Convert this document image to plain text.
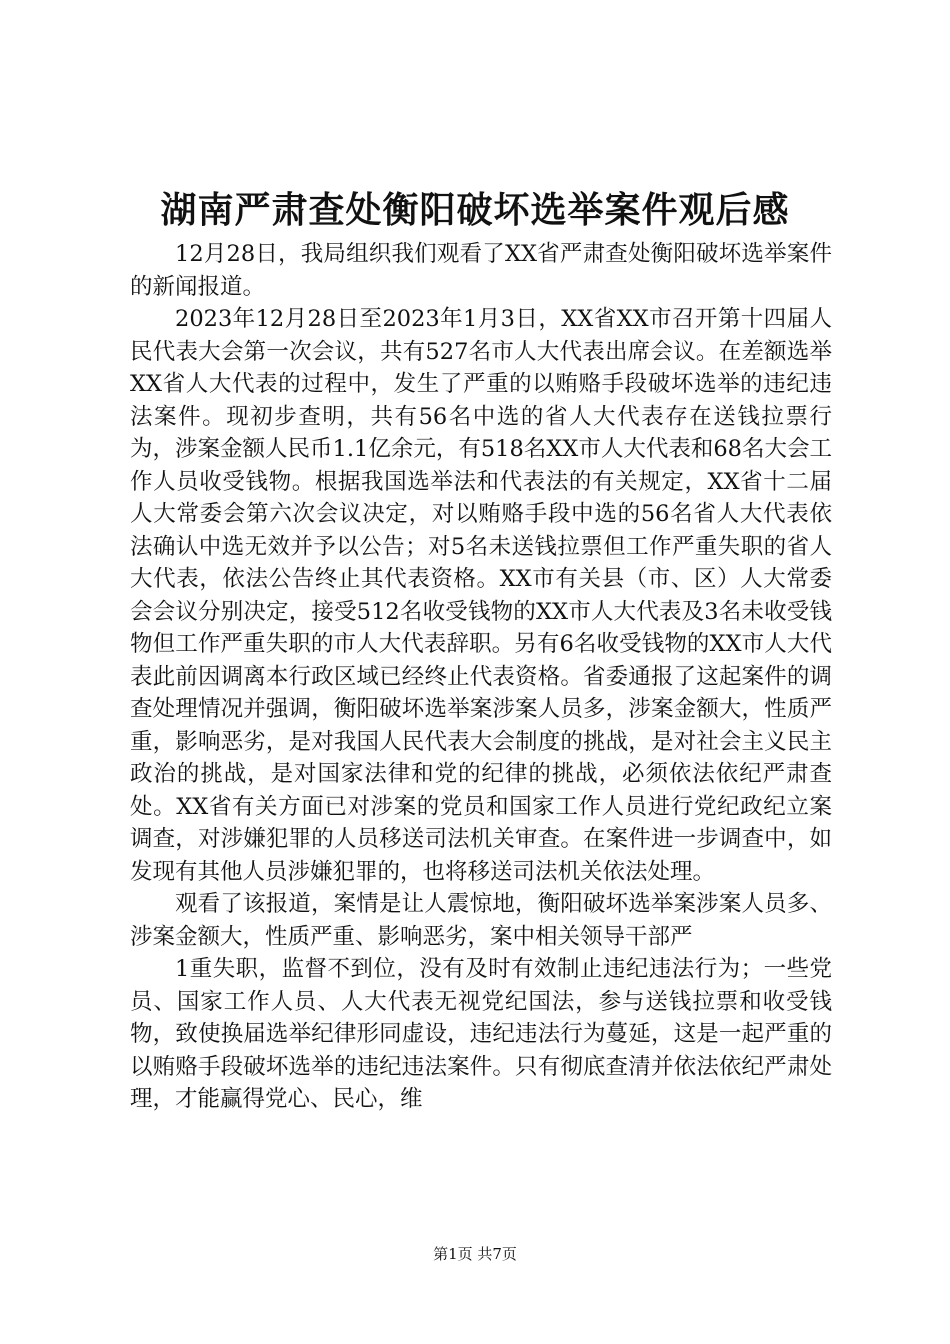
湖南严肃查处衡阳破坏选举案件观后感

12月28日，我局组织我们观看了XX省严肃查处衡阳破坏选举案件的新闻报道。

2023年12月28日至2023年1月3日，XX省XX市召开第十四届人民代表大会第一次会议，共有527名市人大代表出席会议。在差额选举XX省人大代表的过程中，发生了严重的以贿赂手段破坏选举的违纪违法案件。现初步查明，共有56名中选的省人大代表存在送钱拉票行为，涉案金额人民币1.1亿余元，有518名XX市人大代表和68名大会工作人员收受钱物。根据我国选举法和代表法的有关规定，XX省十二届人大常委会第六次会议决定，对以贿赂手段中选的56名省人大代表依法确认中选无效并予以公告；对5名未送钱拉票但工作严重失职的省人大代表，依法公告终止其代表资格。XX市有关县（市、区）人大常委会会议分别决定，接受512名收受钱物的XX市人大代表及3名未收受钱物但工作严重失职的市人大代表辞职。另有6名收受钱物的XX市人大代表此前因调离本行政区域已经终止代表资格。省委通报了这起案件的调查处理情况并强调，衡阳破坏选举案涉案人员多，涉案金额大，性质严重，影响恶劣，是对我国人民代表大会制度的挑战，是对社会主义民主政治的挑战，是对国家法律和党的纪律的挑战，必须依法依纪严肃查处。XX省有关方面已对涉案的党员和国家工作人员进行党纪政纪立案调查，对涉嫌犯罪的人员移送司法机关审查。在案件进一步调查中，如发现有其他人员涉嫌犯罪的，也将移送司法机关依法处理。

观看了该报道，案情是让人震惊地，衡阳破坏选举案涉案人员多、涉案金额大，性质严重、影响恶劣，案中相关领导干部严

1重失职，监督不到位，没有及时有效制止违纪违法行为；一些党员、国家工作人员、人大代表无视党纪国法，参与送钱拉票和收受钱物，致使换届选举纪律形同虚设，违纪违法行为蔓延，这是一起严重的以贿赂手段破坏选举的违纪违法案件。只有彻底查清并依法依纪严肃处理，才能赢得党心、民心，维

第1页 共7页
